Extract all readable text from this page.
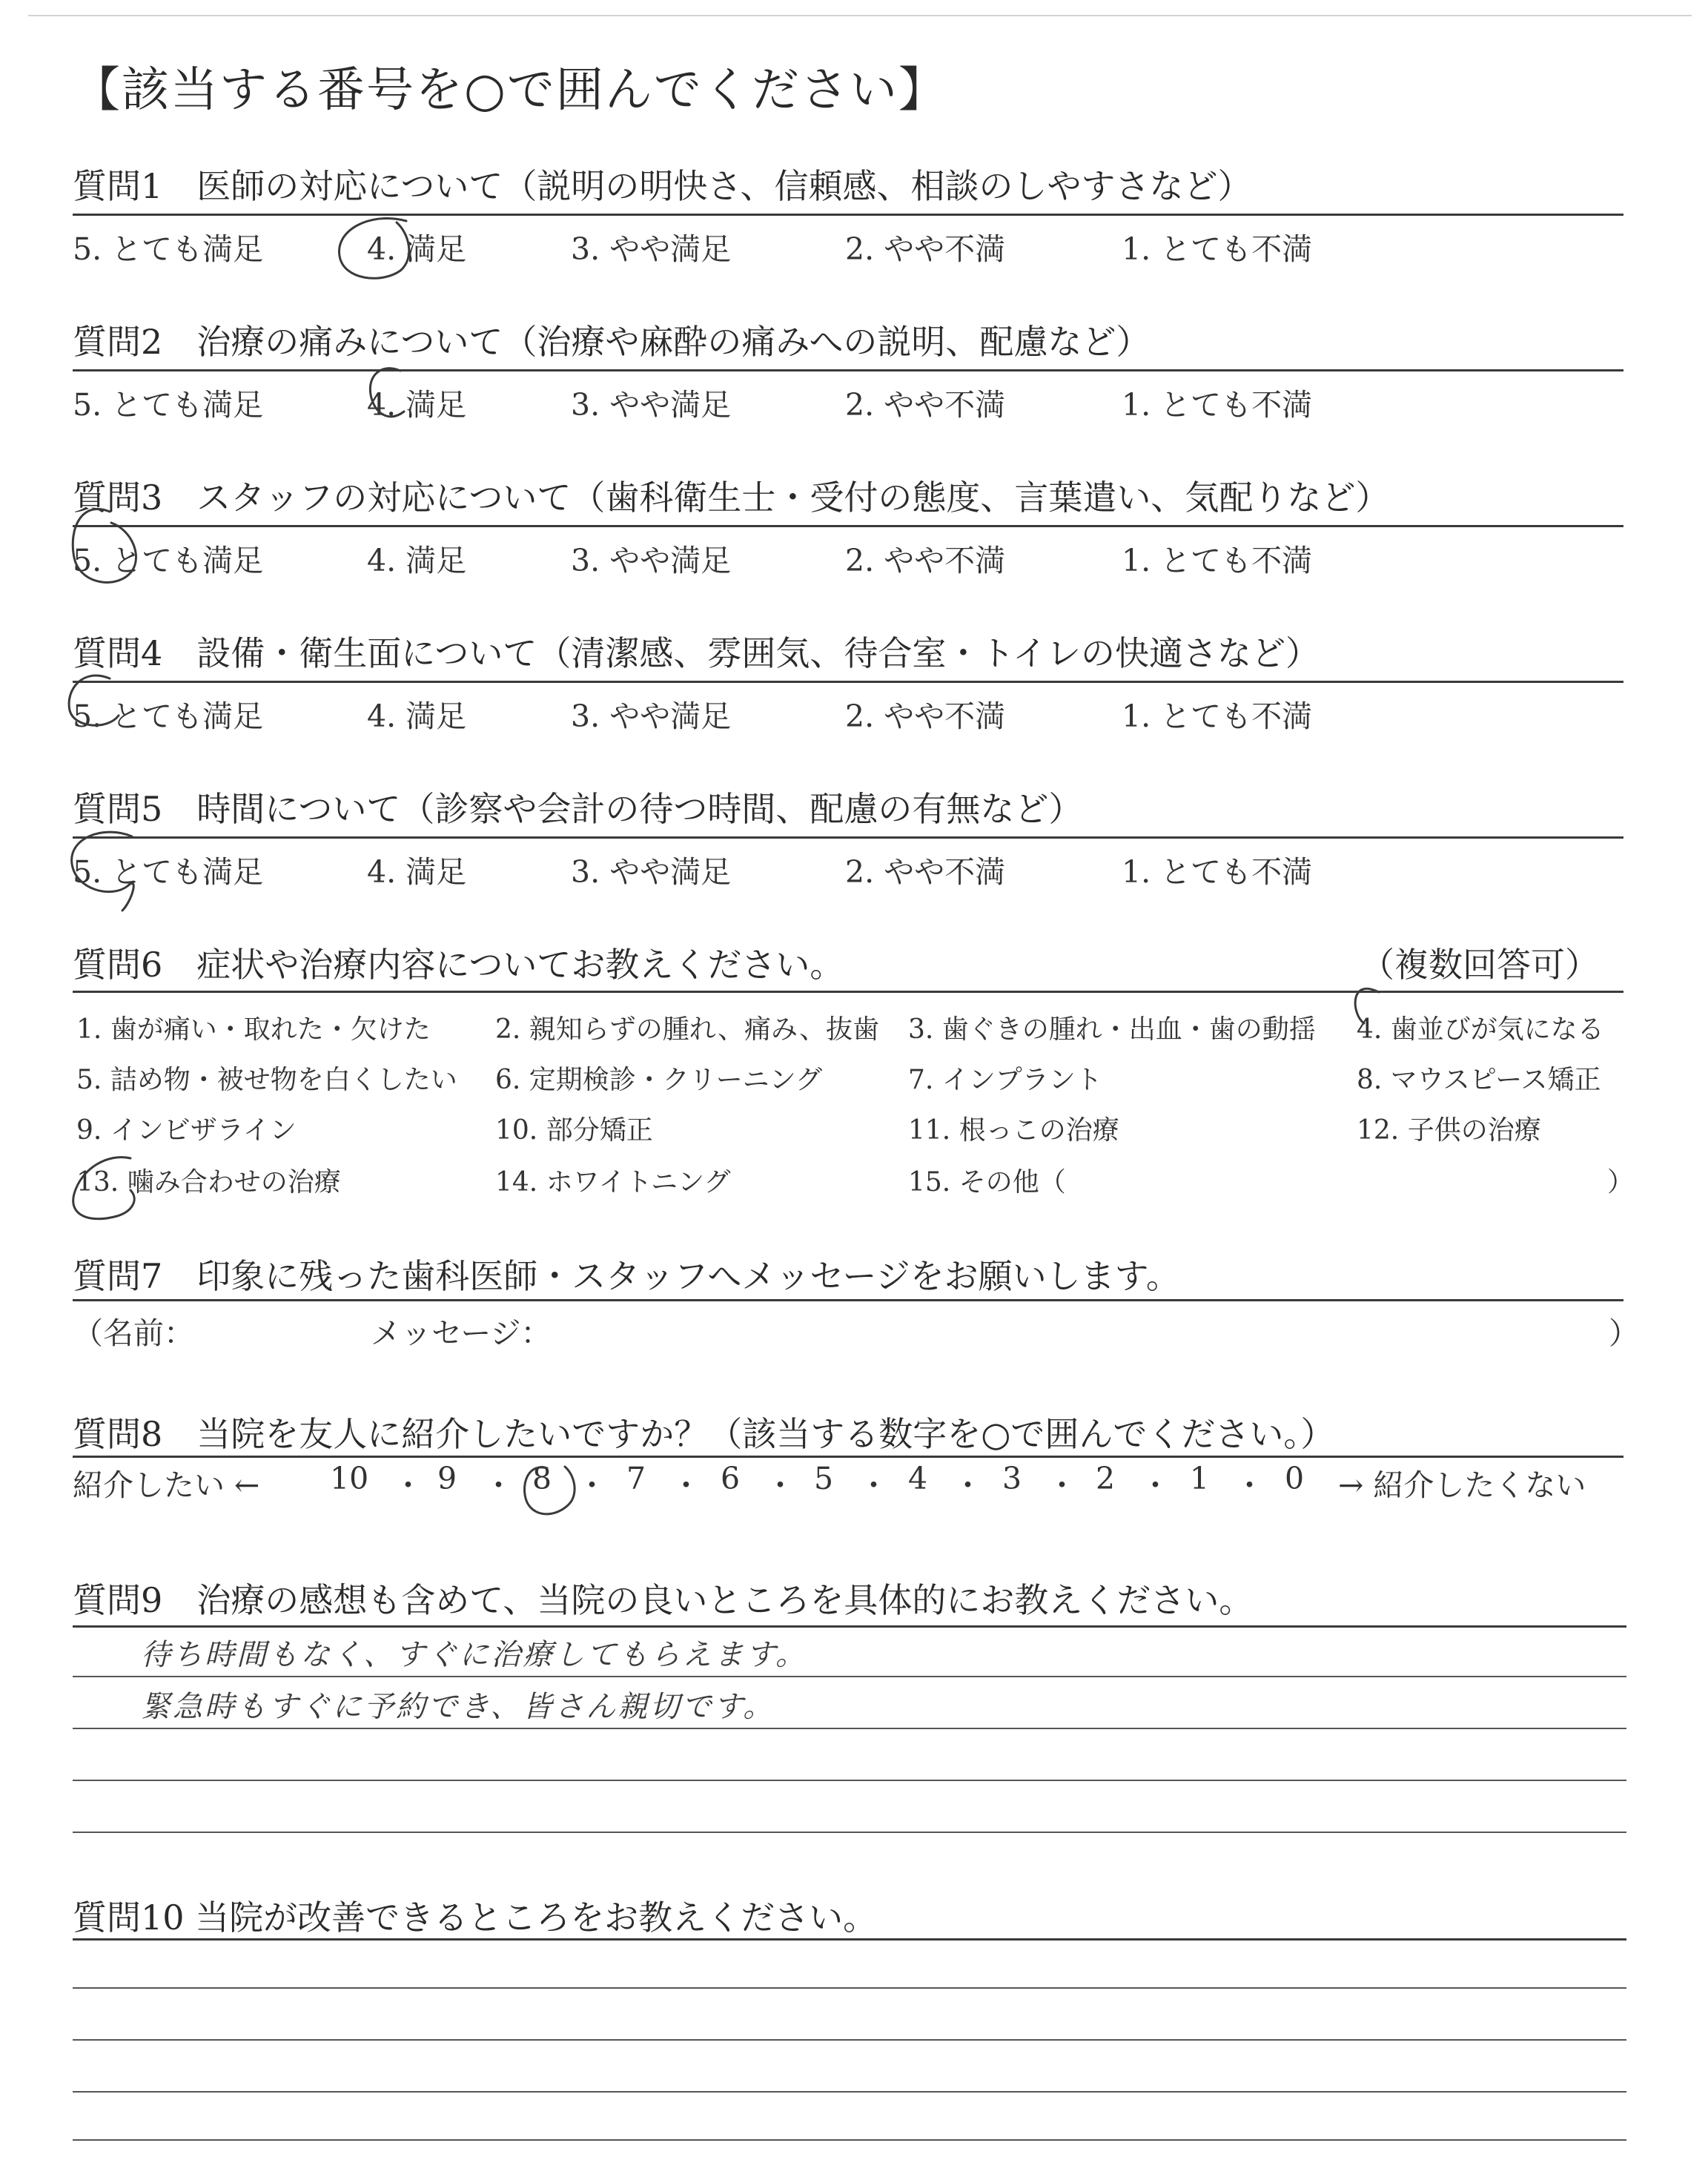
【該当する番号を○で囲んでください】
質問1　医師の対応について（説明の明快さ、信頼感、相談のしやすさなど）
5. とても満足	4. 満足	3. やや満足	2. やや不満	1. とても不満
質問2　治療の痛みについて（治療や麻酔の痛みへの説明、配慮など）
5. とても満足	4. 満足	3. やや満足	2. やや不満	1. とても不満
質問3　スタッフの対応について（歯科衛生士・受付の態度、言葉遣い、気配りなど）
5. とても満足	4. 満足	3. やや満足	2. やや不満	1. とても不満
質問4　設備・衛生面について（清潔感、雰囲気、待合室・トイレの快適さなど）
5. とても満足	4. 満足	3. やや満足	2. やや不満	1. とても不満
質問5　時間について（診察や会計の待つ時間、配慮の有無など）
5. とても満足	4. 満足	3. やや満足	2. やや不満	1. とても不満
質問6　症状や治療内容についてお教えください。	（複数回答可）
1. 歯が痛い・取れた・欠けた 2. 親知らずの腫れ、痛み、抜歯 3. 歯ぐきの腫れ・出血・歯の動揺 4. 歯並びが気になる
5. 詰め物・被せ物を白くしたい 6. 定期検診・クリーニング	7. インプラント	8. マウスピース矯正
9. インビザライン	10. 部分矯正	11. 根っこの治療	12. 子供の治療
13. 噛み合わせの治療	14. ホワイトニング	15. その他（	）
質問7　印象に残った歯科医師・スタッフへメッセージをお願いします。
（名前：	メッセージ：	）
質問8　当院を友人に紹介したいですか？（該当する数字を○で囲んでください。）
紹介したい ← 10 ・ 9 ・ 8 ・ 7 ・ 6 ・ 5 ・ 4 ・ 3 ・ 2 ・ 1 ・ 0 → 紹介したくない
質問9　治療の感想も含めて、当院の良いところを具体的にお教えください。
待ち時間もなく、すぐに治療してもらえます。
緊急時もすぐに予約でき、皆さん親切です。
質問10 当院が改善できるところをお教えください。
